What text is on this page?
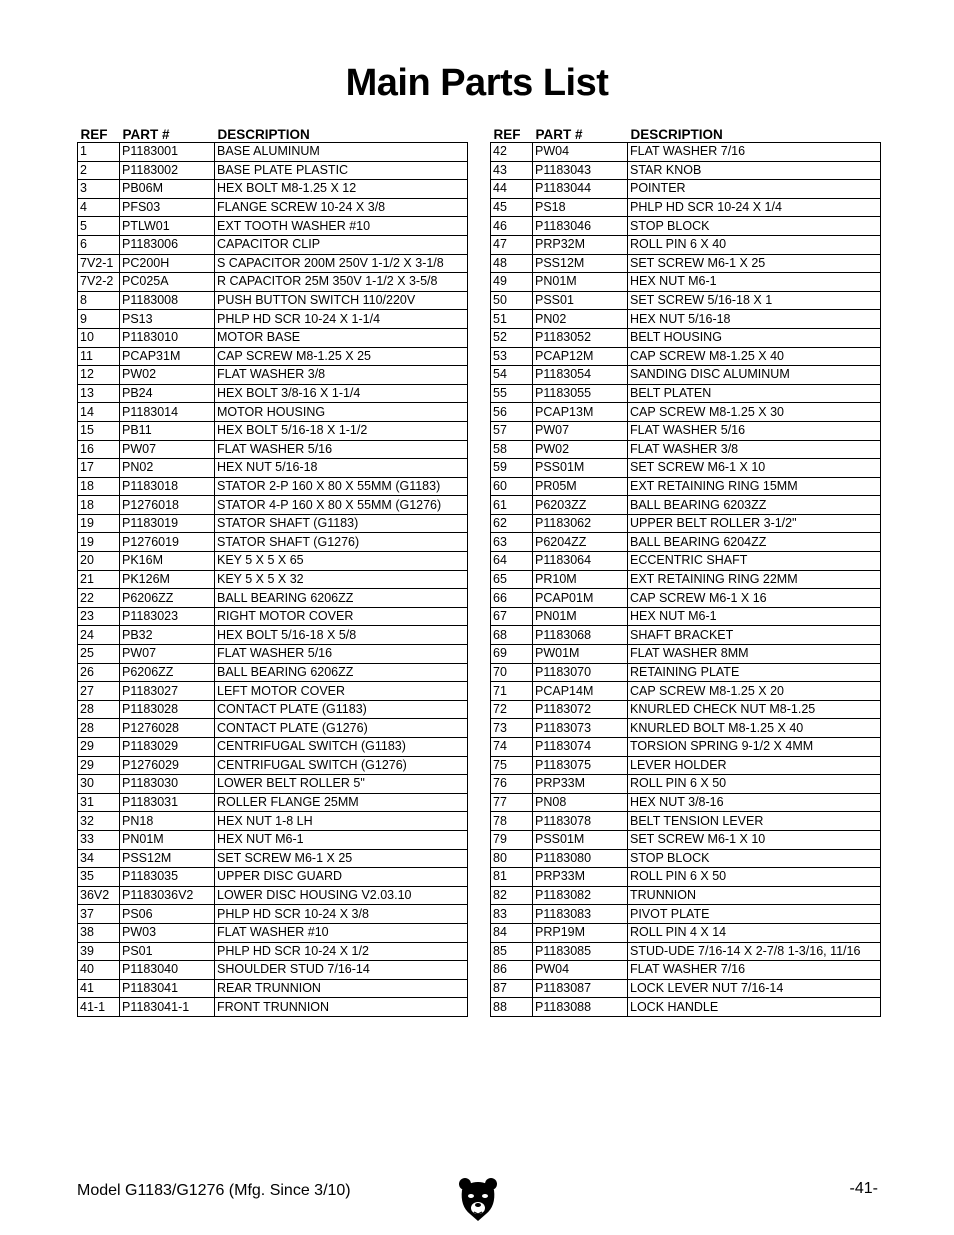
Main Parts List
REF	PART #	DESCRIPTION
1	P1183001	BASE ALUMINUM
2	P1183002	BASE PLATE PLASTIC
3	PB06M	HEX BOLT M8-1.25 X 12
4	PFS03	FLANGE SCREW 10-24 X 3/8
5	PTLW01	EXT TOOTH WASHER #10
6	P1183006	CAPACITOR CLIP
7V2-1	PC200H	S CAPACITOR 200M 250V 1-1/2 X 3-1/8
7V2-2	PC025A	R CAPACITOR 25M 350V 1-1/2 X 3-5/8
8	P1183008	PUSH BUTTON SWITCH 110/220V
9	PS13	PHLP HD SCR 10-24 X 1-1/4
10	P1183010	MOTOR BASE
11	PCAP31M	CAP SCREW M8-1.25 X 25
12	PW02	FLAT WASHER 3/8
13	PB24	HEX BOLT 3/8-16 X 1-1/4
14	P1183014	MOTOR HOUSING
15	PB11	HEX BOLT 5/16-18 X 1-1/2
16	PW07	FLAT WASHER 5/16
17	PN02	HEX NUT 5/16-18
18	P1183018	STATOR 2-P 160 X 80 X 55MM (G1183)
18	P1276018	STATOR 4-P 160 X 80 X 55MM (G1276)
19	P1183019	STATOR SHAFT (G1183)
19	P1276019	STATOR SHAFT (G1276)
20	PK16M	KEY 5 X 5 X 65
21	PK126M	KEY 5 X 5 X 32
22	P6206ZZ	BALL BEARING 6206ZZ
23	P1183023	RIGHT MOTOR COVER
24	PB32	HEX BOLT 5/16-18 X 5/8
25	PW07	FLAT WASHER 5/16
26	P6206ZZ	BALL BEARING 6206ZZ
27	P1183027	LEFT MOTOR COVER
28	P1183028	CONTACT PLATE (G1183)
28	P1276028	CONTACT PLATE (G1276)
29	P1183029	CENTRIFUGAL SWITCH (G1183)
29	P1276029	CENTRIFUGAL SWITCH (G1276)
30	P1183030	LOWER BELT ROLLER 5"
31	P1183031	ROLLER FLANGE 25MM
32	PN18	HEX NUT 1-8 LH
33	PN01M	HEX NUT M6-1
34	PSS12M	SET SCREW M6-1 X 25
35	P1183035	UPPER DISC GUARD
36V2	P1183036V2	LOWER DISC HOUSING V2.03.10
37	PS06	PHLP HD SCR 10-24 X 3/8
38	PW03	FLAT WASHER #10
39	PS01	PHLP HD SCR 10-24 X 1/2
40	P1183040	SHOULDER STUD 7/16-14
41	P1183041	REAR TRUNNION
41-1	P1183041-1	FRONT TRUNNION
REF	PART #	DESCRIPTION
42	PW04	FLAT WASHER 7/16
43	P1183043	STAR KNOB
44	P1183044	POINTER
45	PS18	PHLP HD SCR 10-24 X 1/4
46	P1183046	STOP BLOCK
47	PRP32M	ROLL PIN 6 X 40
48	PSS12M	SET SCREW M6-1 X 25
49	PN01M	HEX NUT M6-1
50	PSS01	SET SCREW 5/16-18 X 1
51	PN02	HEX NUT 5/16-18
52	P1183052	BELT HOUSING
53	PCAP12M	CAP SCREW M8-1.25 X 40
54	P1183054	SANDING DISC ALUMINUM
55	P1183055	BELT PLATEN
56	PCAP13M	CAP SCREW M8-1.25 X 30
57	PW07	FLAT WASHER 5/16
58	PW02	FLAT WASHER 3/8
59	PSS01M	SET SCREW M6-1 X 10
60	PR05M	EXT RETAINING RING 15MM
61	P6203ZZ	BALL BEARING 6203ZZ
62	P1183062	UPPER BELT ROLLER 3-1/2"
63	P6204ZZ	BALL BEARING 6204ZZ
64	P1183064	ECCENTRIC SHAFT
65	PR10M	EXT RETAINING RING 22MM
66	PCAP01M	CAP SCREW M6-1 X 16
67	PN01M	HEX NUT M6-1
68	P1183068	SHAFT BRACKET
69	PW01M	FLAT WASHER 8MM
70	P1183070	RETAINING PLATE
71	PCAP14M	CAP SCREW M8-1.25 X 20
72	P1183072	KNURLED CHECK NUT M8-1.25
73	P1183073	KNURLED BOLT M8-1.25 X 40
74	P1183074	TORSION SPRING 9-1/2 X 4MM
75	P1183075	LEVER HOLDER
76	PRP33M	ROLL PIN 6 X 50
77	PN08	HEX NUT 3/8-16
78	P1183078	BELT TENSION LEVER
79	PSS01M	SET SCREW M6-1 X 10
80	P1183080	STOP BLOCK
81	PRP33M	ROLL PIN 6 X 50
82	P1183082	TRUNNION
83	P1183083	PIVOT PLATE
84	PRP19M	ROLL PIN 4 X 14
85	P1183085	STUD-UDE 7/16-14 X 2-7/8 1-3/16, 11/16
86	PW04	FLAT WASHER 7/16
87	P1183087	LOCK LEVER NUT 7/16-14
88	P1183088	LOCK HANDLE
Model G1183/G1276 (Mfg. Since 3/10)	-41-
